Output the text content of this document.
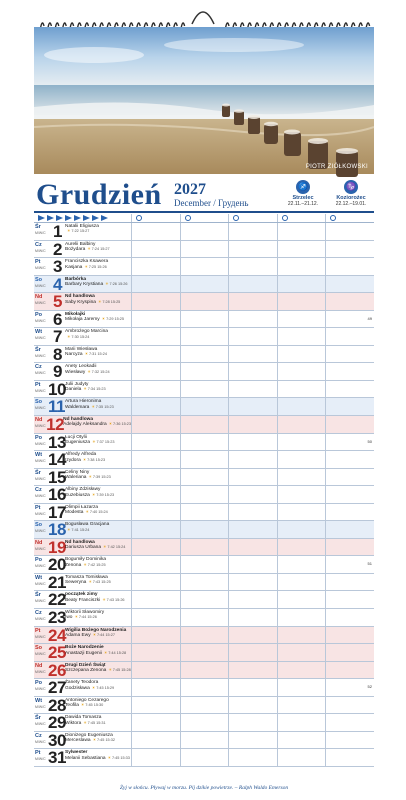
PIOTR ZIÓŁKOWSKI
Grudzień 2027
December / Грудень
♐
Strzelec
22.11.–21.12.
♑
Koziorożec
22.12.–19.01.
Śr
M/W/C 1 Natalii Eligiusza
☀ 7:22 15:27
Cz
M/W/C 2 Aurelii Balbiny
Bożydara ☀ 7:24 15:27
Pt
M/W/C 3 Franciszka Ksawera
Kasjana ☀ 7:25 15:26
So
M/W/C 4 Barbórka
Barbary Krystiana ☀ 7:26 15:26
Nd
M/W/C 5 Nd handlowa
Saby Kryspina ☀ 7:28 15:25
Po
M/W/C 6 Mikołajki
Mikołaja Jaremy ☀ 7:29 15:25	49
Wt
M/W/C 7 Ambrożego Marcina
☀ 7:30 15:24
Śr
M/W/C 8 Marii Wiesława
Narcyza ☀ 7:31 15:24
Cz
M/W/C 9 Anety Leokadii
Wiesławy ☀ 7:32 15:24
Pt
M/W/C 10 Julii Judyty
Daniela ☀ 7:34 15:23
So
M/W/C 11 Artura Hieronima
Waldemara ☀ 7:35 15:23
Nd
M/W/C 12 Nd handlowa
Adelajdy Aleksandra ☀ 7:36 15:23
Po
M/W/C 13 Łucji Otylii
Eugeniusza ☀ 7:37 15:23	50
Wt
M/W/C 14 Alfredy Alfreda
Izydora ☀ 7:38 15:23
Śr
M/W/C 15 Celiny Niny
Walerianа ☀ 7:39 15:23
Cz
M/W/C 16 Albiny Zdzisławy
Euzebiusza ☀ 7:39 15:23
Pt
M/W/C 17 Olimpii Łazarza
Modesta ☀ 7:40 15:24
So
M/W/C 18 Bogusława Gracjana
☀ 7:41 15:24
Nd
M/W/C 19 Nd handlowa
Dariusza Urbana ☀ 7:42 15:24
Po
M/W/C 20 Bogumiły Dominika
Zenona ☀ 7:42 15:25	51
Wt
M/W/C 21 Tomasza Tomisława
Seweryna ☀ 7:43 15:25
Śr
M/W/C 22 początek zimy
Beaty Franciszki ☀ 7:43 15:26
Cz
M/W/C 23 Wiktorii Sławomiry
Iwo ☀ 7:44 15:26
Pt
M/W/C 24 Wigilia Bożego Narodzenia
Adama Ewy ☀ 7:44 15:27
So
M/W/C 25 Boże Narodzenie
Anastazji Eugenii ☀ 7:44 15:28
Nd
M/W/C 26 Drugi Dzień Świąt
Szczepana Zenona ☀ 7:45 15:28
Po
M/W/C 27 Żanety Teodora
Godzisława ☀ 7:45 15:29	52
Wt
M/W/C 28 Antoniego Cezarego
Teofila ☀ 7:45 15:30
Śr
M/W/C 29 Dawida Tomasza
Wiktora ☀ 7:45 15:31
Cz
M/W/C 30 Dionizego Eugeniusza
Merceslawa ☀ 7:45 15:32
Pt
M/W/C 31 Sylwester
Melanii Sebastiana ☀ 7:45 15:33
Żyj w słońcu. Pływaj w morzu. Pij dzikie powietrze. – Ralph Waldo Emerson
